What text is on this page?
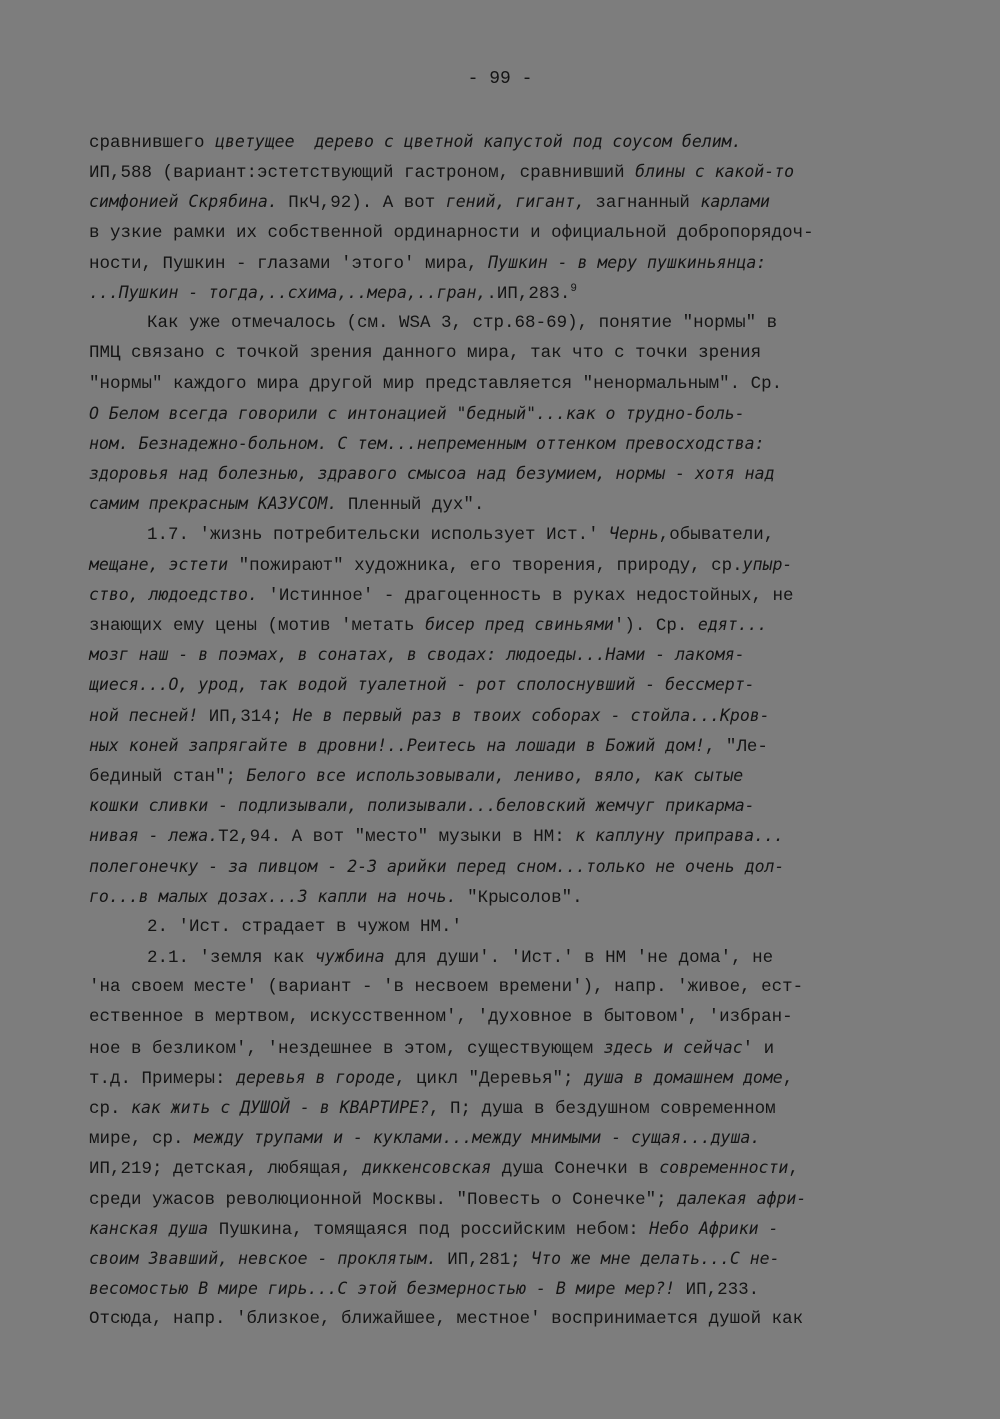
- 99 -
сравнившего цветущее  дерево с цветной капустой под соусом белим.
ИП,588 (вариант:эстетствующий гастроном, сравнивший блины с какой-то
симфонией Скрябина. ПкЧ,92). А вот гений, гигант, загнанный карлами
в узкие рамки их собственной ординарности и официальной добропорядоч-
ности, Пушкин - глазами 'этого' мира, Пушкин - в меру пушкиньянца:
...Пушкин - тогда,..схима,..мера,..гран,.ИП,283.$^9$
Как уже отмечалось (см. WSA 3, стр.68-69), понятие "нормы" в
ПМЦ связано с точкой зрения данного мира, так что с точки зрения
"нормы" каждого мира другой мир представляется "ненормальным". Ср.
О Белом всегда говорили с интонацией "бедный"...как о трудно-боль-
ном. Безнадежно-больном. С тем...непременным оттенком превосходства:
здоровья над болезнью, здравого смысоа над безумием, нормы - хотя над
самим прекрасным КАЗУСОМ. Пленный дух".
1.7. 'жизнь потребительски использует Ист.' Чернь,обыватели,
мещане, эстети "пожирают" художника, его творения, природу, ср.упыр-
ство, людоедство. 'Истинное' - драгоценность в руках недостойных, не
знающих ему цены (мотив 'метать бисер пред свиньями'). Ср. едят...
мозг наш - в поэмах, в сонатах, в сводах: людоеды...Нами - лакомя-
щиеся...О, урод, так водой туалетной - рот сполоснувший - бессмерт-
ной песней! ИП,314; Не в первый раз в твоих соборах - стойла...Кров-
ных коней запрягайте в дровни!..Реитесь на лошади в Божий дом!, "Ле-
бединый стан"; Белого все использовывали, лениво, вяло, как сытые
кошки сливки - подлизывали, полизывали...беловский жемчуг прикарма-
нивая - лежа.Т2,94. А вот "место" музыки в НМ: к каплуну приправа...
полегонечку - за пивцом - 2-3 арийки перед сном...только не очень дол-
го...в малых дозах...3 капли на ночь. "Крысолов".
2. 'Ист. страдает в чужом НМ.'
2.1. 'земля как чужбина для души'. 'Ист.' в НМ 'не дома', не
'на своем месте' (вариант - 'в несвоем времени'), напр. 'живое, ест-
ественное в мертвом, искусственном', 'духовное в бытовом', 'избран-
ное в безликом', 'нездешнее в этом, существующем здесь и сейчас' и
т.д. Примеры: деревья в городе, цикл "Деревья"; душа в домашнем доме,
ср. как жить с ДУШОЙ - в КВАРТИРЕ?, П; душа в бездушном современном
мире, ср. между трупами и - куклами...между мнимыми - сущая...душа.
ИП,219; детская, любящая, диккенсовская душа Сонечки в современности,
среди ужасов революционной Москвы. "Повесть о Сонечке"; далекая афри-
канская душа Пушкина, томящаяся под российским небом: Небо Африки -
своим Звавший, невское - проклятым. ИП,281; Что же мне делать...С не-
весомостью В мире гирь...С этой безмерностью - В мире мер?! ИП,233.
Отсюда, напр. 'близкое, ближайшее, местное' воспринимается душой как
